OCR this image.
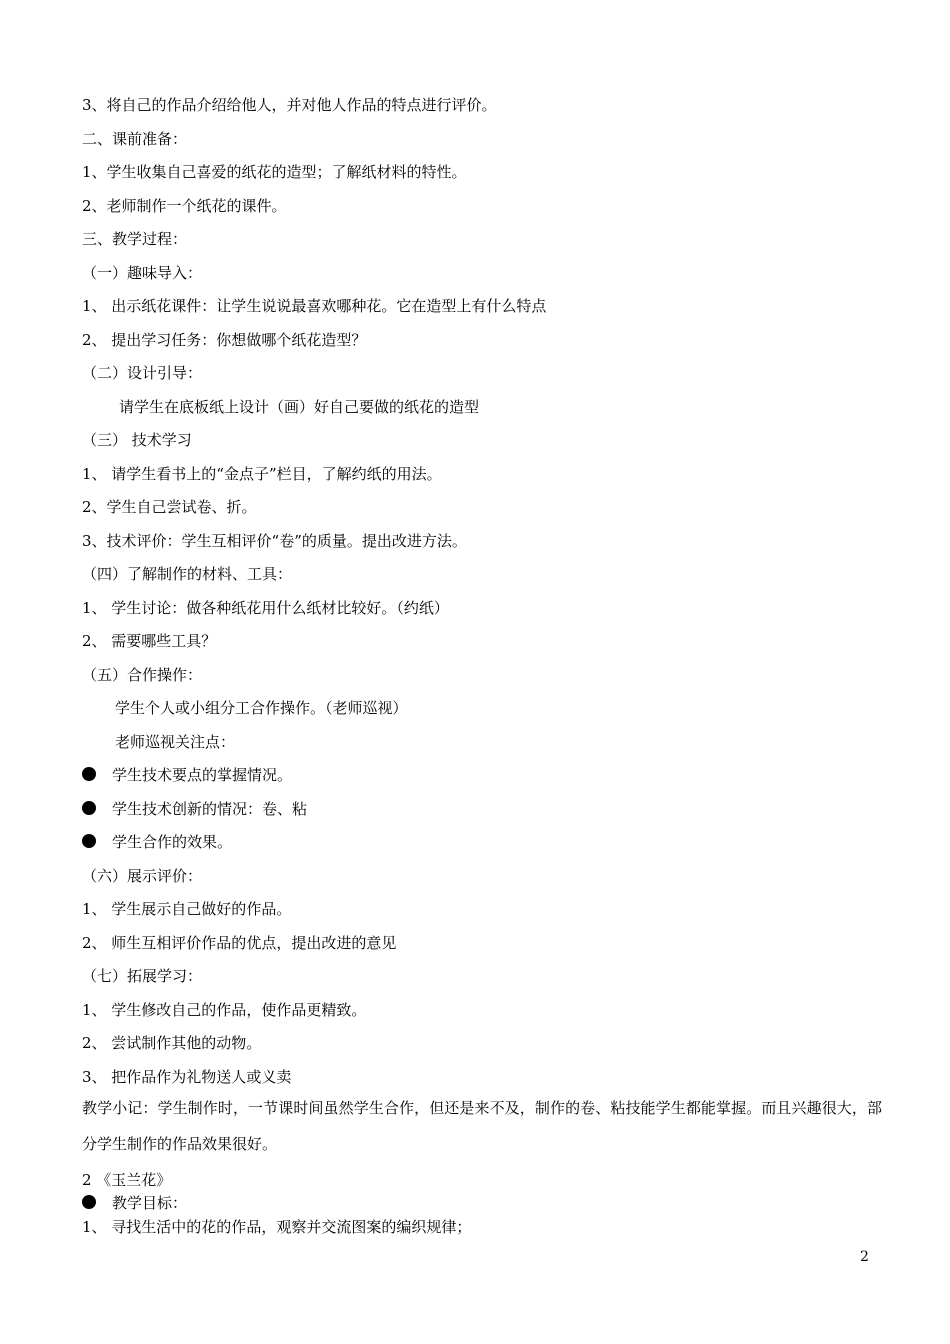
3、将自己的作品介绍给他人，并对他人作品的特点进行评价。
二、课前准备：
1、学生收集自己喜爱的纸花的造型；了解纸材料的特性。
2、老师制作一个纸花的课件。
三、教学过程：
（一）趣味导入：
1、 出示纸花课件：让学生说说最喜欢哪种花。它在造型上有什么特点
2、 提出学习任务：你想做哪个纸花造型？
（二）设计引导：
请学生在底板纸上设计（画）好自己要做的纸花的造型
（三） 技术学习
1、 请学生看书上的“金点子”栏目，了解约纸的用法。
2、学生自己尝试卷、折。
3、技术评价：学生互相评价“卷”的质量。提出改进方法。
（四）了解制作的材料、工具：
1、 学生讨论：做各种纸花用什么纸材比较好。（约纸）
2、 需要哪些工具？
（五）合作操作：
学生个人或小组分工合作操作。（老师巡视）
老师巡视关注点：
学生技术要点的掌握情况。
学生技术创新的情况：卷、粘
学生合作的效果。
（六）展示评价：
1、 学生展示自己做好的作品。
2、 师生互相评价作品的优点，提出改进的意见
（七）拓展学习：
1、 学生修改自己的作品，使作品更精致。
2、 尝试制作其他的动物。
3、 把作品作为礼物送人或义卖
教学小记：学生制作时，一节课时间虽然学生合作，但还是来不及，制作的卷、粘技能学生都能掌握。而且兴趣很大，部分学生制作的作品效果很好。
2 《玉兰花》
教学目标：
1、 寻找生活中的花的作品，观察并交流图案的编织规律；
2
